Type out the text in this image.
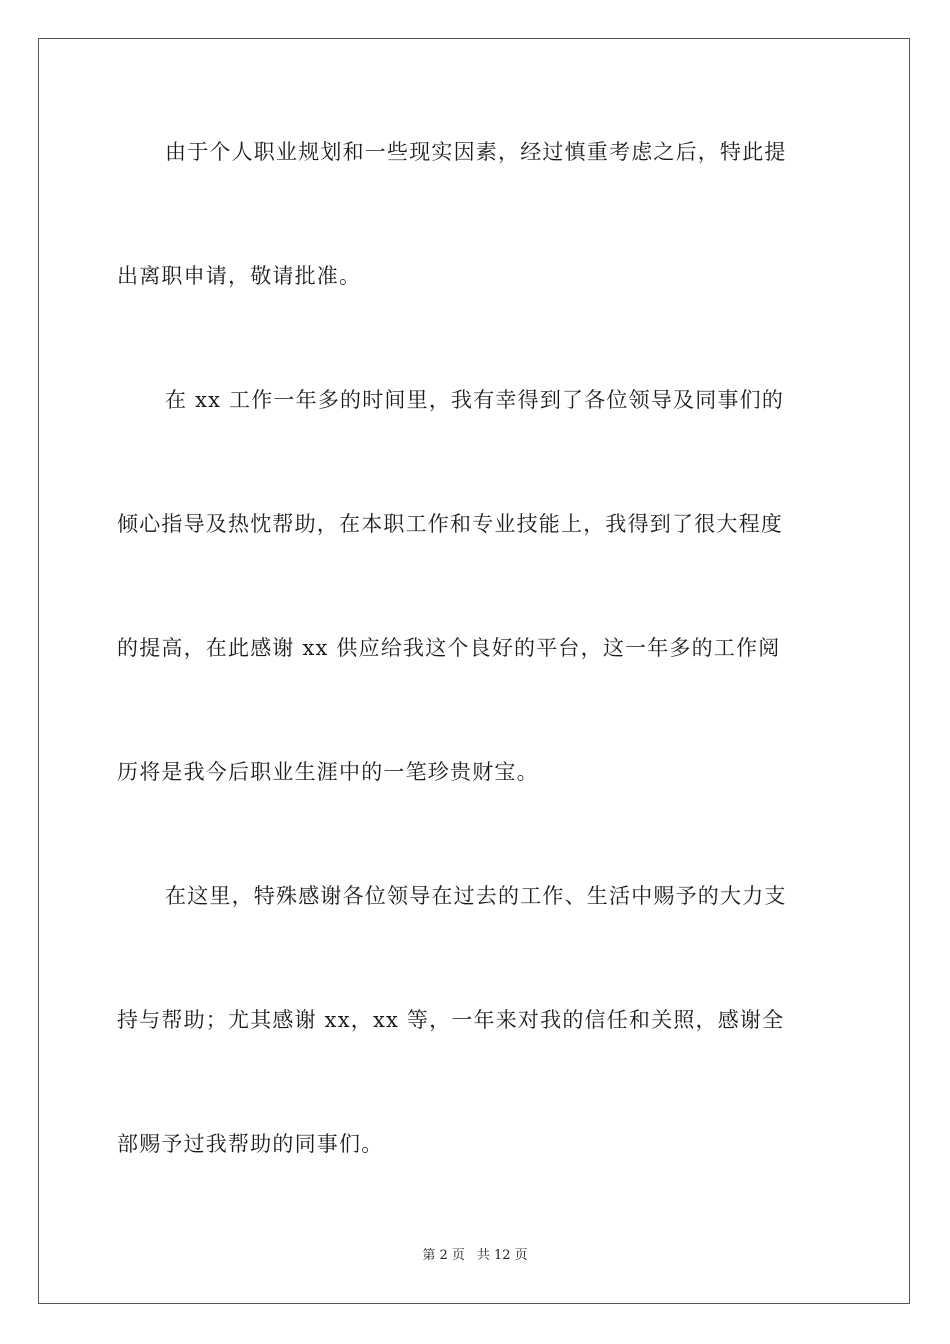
由于个人职业规划和一些现实因素，经过慎重考虑之后，特此提
出离职申请，敬请批准。
在 xx 工作一年多的时间里，我有幸得到了各位领导及同事们的
倾心指导及热忱帮助，在本职工作和专业技能上，我得到了很大程度
的提高，在此感谢 xx 供应给我这个良好的平台，这一年多的工作阅
历将是我今后职业生涯中的一笔珍贵财宝。
在这里，特殊感谢各位领导在过去的工作、生活中赐予的大力支
持与帮助；尤其感谢 xx，xx 等，一年来对我的信任和关照，感谢全
部赐予过我帮助的同事们。
第 2 页 共 12 页
